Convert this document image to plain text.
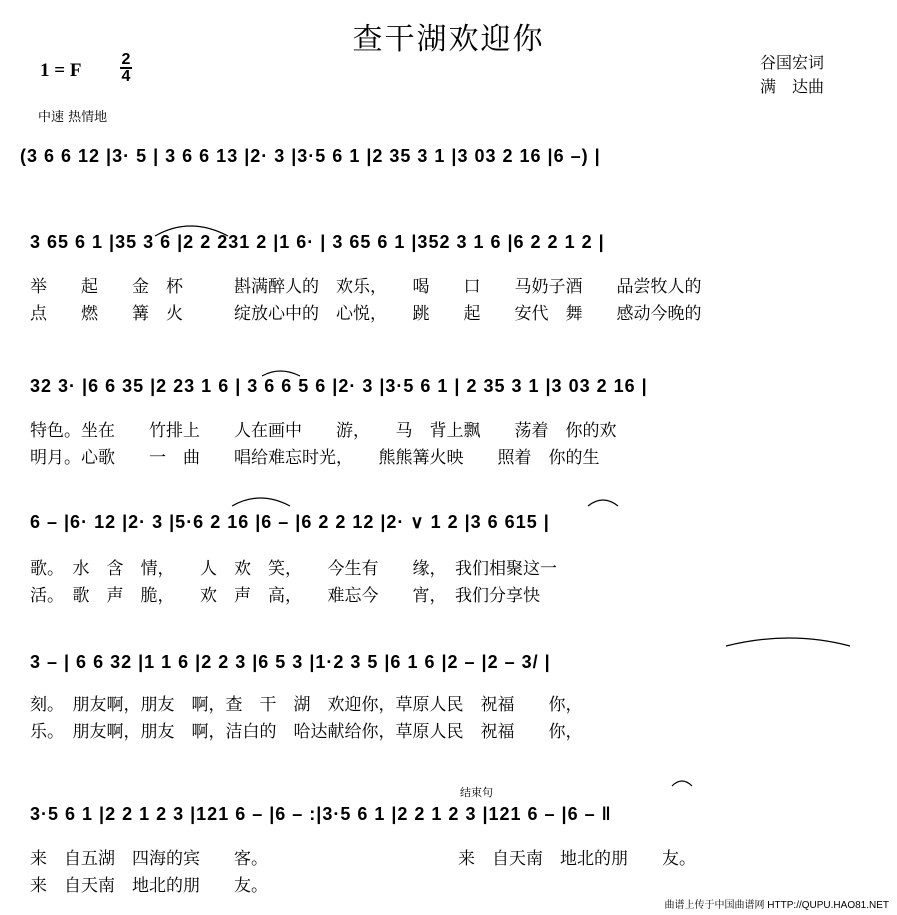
查干湖欢迎你
1 = F
2
4
谷国宏词
满　达曲
中速 热情地
(3 6 6 12 |3· 5 | 3 6 6 13 |2· 3 |3·5 6 1 |2 35 3 1 |3 03 2 16 |6 –) |
3 65 6 1 |35 3 6 |2 2 231 2 |1 6· | 3 65 6 1 |352 3 1 6 |6 2 2 1 2 |
32 3· |6 6 35 |2 23 1 6 | 3 6 6 5 6 |2· 3 |3·5 6 1 | 2 35 3 1 |3 03 2 16 |
6 – |6· 12 |2· 3 |5·6 2 16 |6 – |6 2 2 12 |2· ∨ 1 2 |3 6 615 |
3 – | 6 6 32 |1 1 6 |2 2 3 |6 5 3 |1·2 3 5 |6 1 6 |2 – |2 – 3/ |
3·5 6 1 |2 2 1 2 3 |121 6 – |6 – :|3·5 6 1 |2 2 1 2 3 |121 6 – |6 – ‖
举　　起　　金　杯　　　斟满醉人的　欢乐，　　喝　　口　　马奶子酒　　品尝牧人的
点　　燃　　篝　火　　　绽放心中的　心悦，　　跳　　起　　安代　舞　　感动今晚的
特色。坐在　　竹排上　　人在画中　　游，　　马　背上飘　　荡着　你的欢
明月。心歌　　一　曲　　唱给难忘时光，　　熊熊篝火映　　照着　你的生
歌。　水　含　情，　　人　欢　笑，　　今生有　　缘，　我们相聚这一
活。　歌　声　脆，　　欢　声　高，　　难忘今　　宵，　我们分享快
刻。　朋友啊，朋友　啊，查　干　湖　欢迎你，草原人民　祝福　　你，
乐。　朋友啊，朋友　啊，洁白的　哈达献给你，草原人民　祝福　　你，
来　自五湖　四海的宾　　客。	来　自天南　地北的朋　　友。
来　自天南　地北的朋　　友。
结束句
曲谱上传于中国曲谱网 HTTP://QUPU.HAO81.NET
